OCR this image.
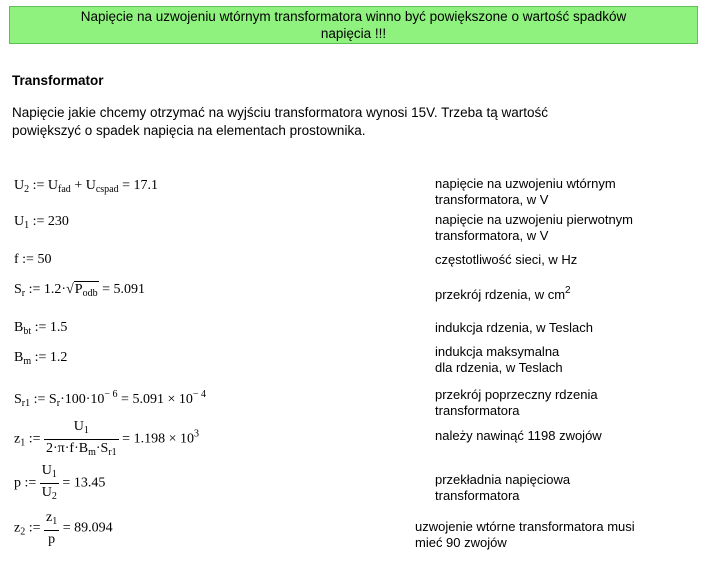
Napięcie na uzwojeniu wtórnym transformatora winno być powiększone o wartość spadków
napięcia !!!
Transformator
Napięcie jakie chcemy otrzymać na wyjściu transformatora wynosi 15V. Trzeba tą wartość
powiększyć o spadek napięcia na elementach prostownika.
$U_2$ := $U_{fad} + U_{cspad} = 17.1$	napięcie na uzwojeniu wtórnym
transformatora, w V
$U_1$ := 230	napięcie na uzwojeniu pierwotnym
transformatora, w V
f := 50	częstotliwość sieci, w Hz
$S_r$ := $1.2\cdot√P_{odb} = 5.091$	przekrój rdzenia, w $cm^2$
$B_{bt}$ := 1.5	indukcja rdzenia, w Teslach
$B_m$ := 1.2	indukcja maksymalna
dla rdzenia, w Teslach
$S_{r1}$ := $S_r\cdot 100\cdot 10^{- 6} = 5.091 \times 10^{- 4}$	przekrój poprzeczny rdzenia
transformatora
$z_1$ := $\frac{U_1}{2\cdot\pi\cdot f\cdot B_m\cdot S_{r1}} = 1.198 \times 10^3$	należy nawinąć 1198 zwojów
p := $\frac{U_1}{U_2} = 13.45$	przekładnia napięciowa
transformatora
$z_2$ := $\frac{z_1}{p} = 89.094$	uzwojenie wtórne transformatora musi
mieć 90 zwojów
